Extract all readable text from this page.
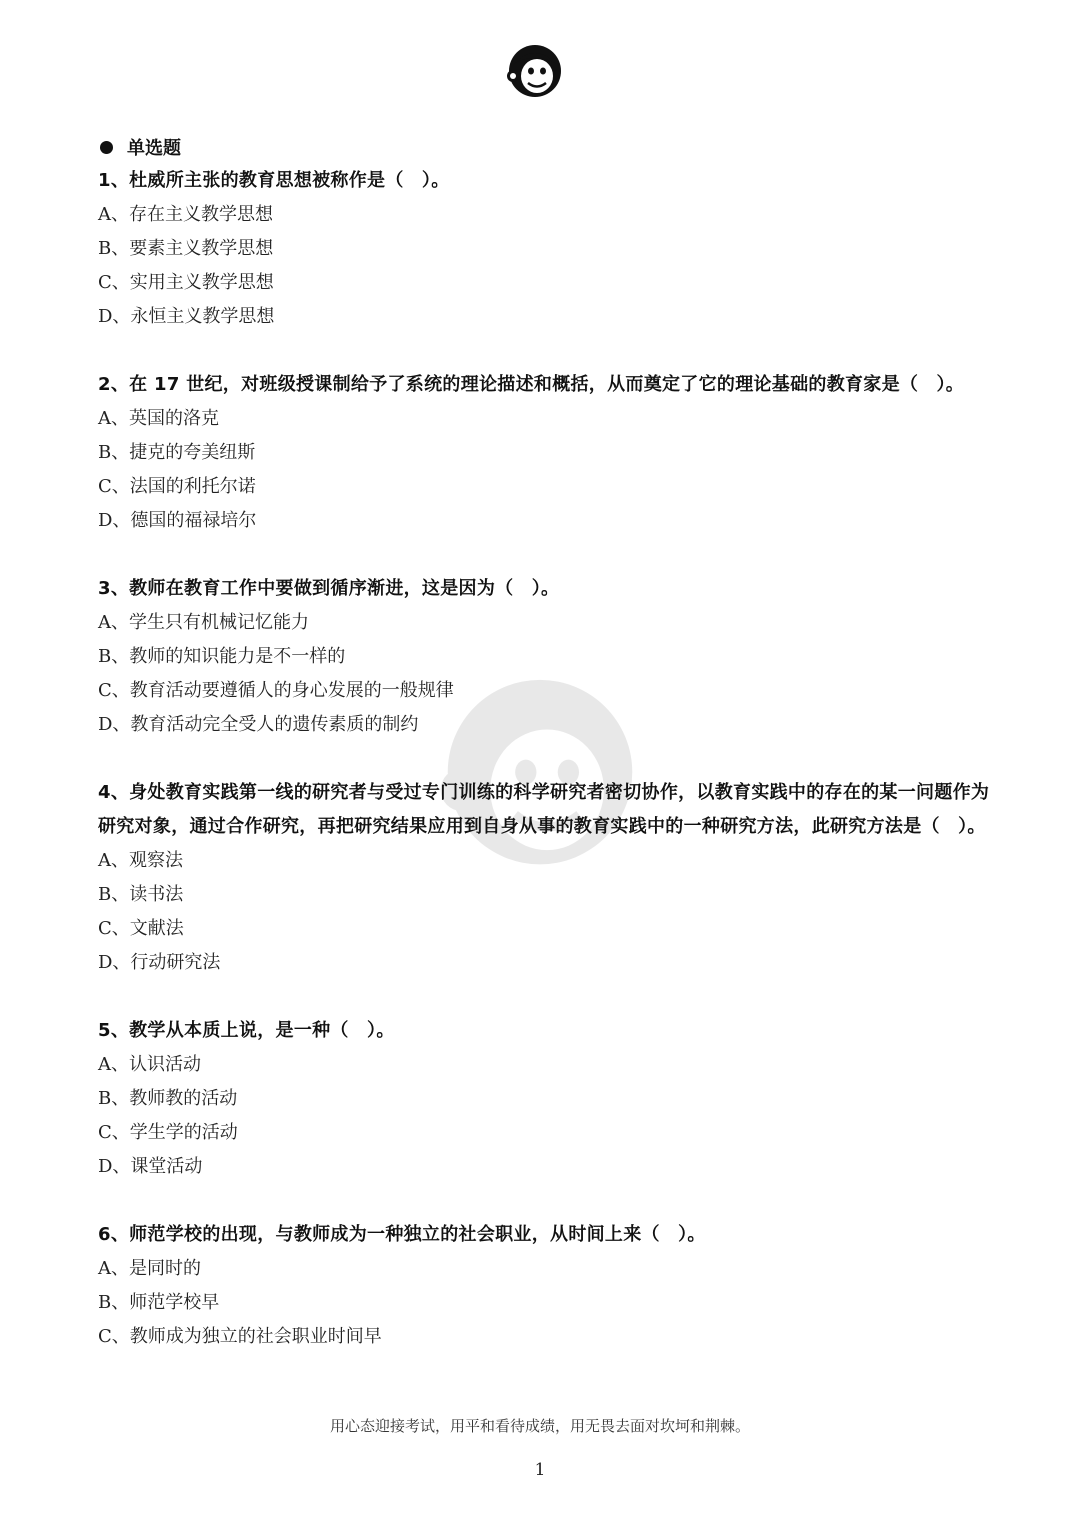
单选题
1、杜威所主张的教育思想被称作是（　）。
A、存在主义教学思想
B、要素主义教学思想
C、实用主义教学思想
D、永恒主义教学思想
2、在 17 世纪，对班级授课制给予了系统的理论描述和概括，从而奠定了它的理论基础的教育家是（　）。
A、英国的洛克
B、捷克的夸美纽斯
C、法国的利托尔诺
D、德国的福禄培尔
3、教师在教育工作中要做到循序渐进，这是因为（　）。
A、学生只有机械记忆能力
B、教师的知识能力是不一样的
C、教育活动要遵循人的身心发展的一般规律
D、教育活动完全受人的遗传素质的制约
4、身处教育实践第一线的研究者与受过专门训练的科学研究者密切协作，以教育实践中的存在的某一问题作为研究对象，通过合作研究，再把研究结果应用到自身从事的教育实践中的一种研究方法，此研究方法是（　）。
A、观察法
B、读书法
C、文献法
D、行动研究法
5、教学从本质上说，是一种（　）。
A、认识活动
B、教师教的活动
C、学生学的活动
D、课堂活动
6、师范学校的出现，与教师成为一种独立的社会职业，从时间上来（　）。
A、是同时的
B、师范学校早
C、教师成为独立的社会职业时间早
用心态迎接考试，用平和看待成绩，用无畏去面对坎坷和荆棘。
1
